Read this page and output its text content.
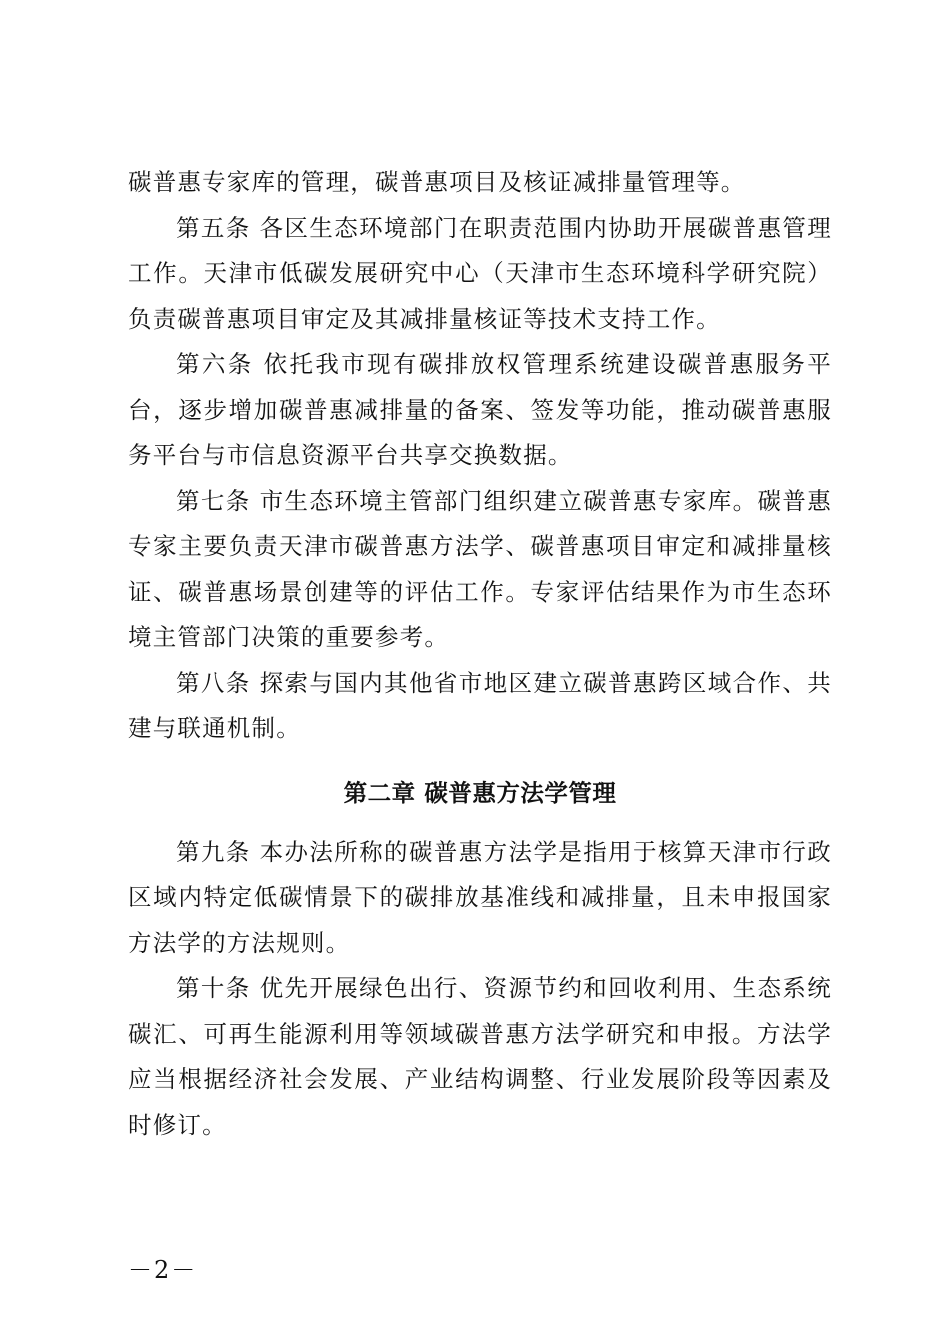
碳普惠专家库的管理，碳普惠项目及核证减排量管理等。

第五条 各区生态环境部门在职责范围内协助开展碳普惠管理工作。天津市低碳发展研究中心（天津市生态环境科学研究院）负责碳普惠项目审定及其减排量核证等技术支持工作。

第六条 依托我市现有碳排放权管理系统建设碳普惠服务平台，逐步增加碳普惠减排量的备案、签发等功能，推动碳普惠服务平台与市信息资源平台共享交换数据。

第七条 市生态环境主管部门组织建立碳普惠专家库。碳普惠专家主要负责天津市碳普惠方法学、碳普惠项目审定和减排量核证、碳普惠场景创建等的评估工作。专家评估结果作为市生态环境主管部门决策的重要参考。

第八条 探索与国内其他省市地区建立碳普惠跨区域合作、共建与联通机制。

第二章 碳普惠方法学管理

第九条 本办法所称的碳普惠方法学是指用于核算天津市行政区域内特定低碳情景下的碳排放基准线和减排量，且未申报国家方法学的方法规则。

第十条 优先开展绿色出行、资源节约和回收利用、生态系统碳汇、可再生能源利用等领域碳普惠方法学研究和申报。方法学应当根据经济社会发展、产业结构调整、行业发展阶段等因素及时修订。

－2－
